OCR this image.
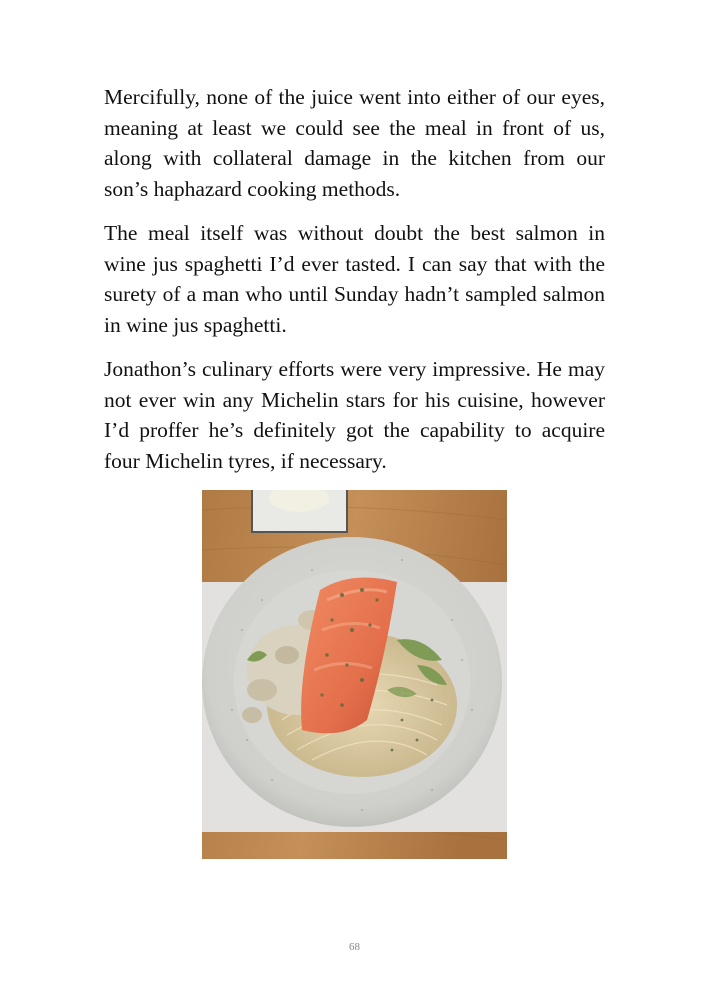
Mercifully, none of the juice went into either of our eyes, meaning at least we could see the meal in front of us, along with collateral damage in the kitchen from our son’s haphazard cooking methods.

The meal itself was without doubt the best salmon in wine jus spaghetti I’d ever tasted. I can say that with the surety of a man who until Sunday hadn’t sampled salmon in wine jus spaghetti.

Jonathon’s culinary efforts were very impressive. He may not ever win any Michelin stars for his cuisine, however I’d proffer he’s definitely got the capability to acquire four Michelin tyres, if necessary.

68
